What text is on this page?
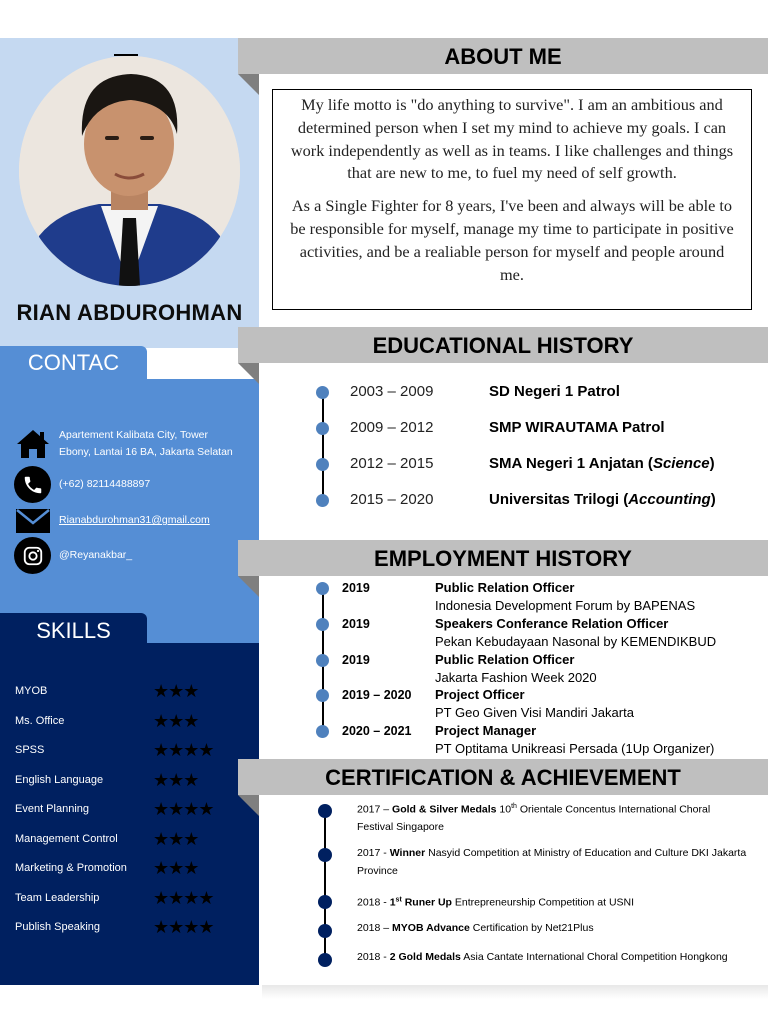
RIAN ABDUROHMAN
CONTAC
Apartement Kalibata City, Tower
Ebony, Lantai 16 BA, Jakarta Selatan
(+62) 82114488897
Rianabdurohman31@gmail.com
@Reyanakbar_
SKILLS
MYOB	★★★
Ms. Office	★★★
SPSS	★★★★
English Language	★★★
Event Planning	★★★★
Management Control ★★★
Marketing & Promotion ★★★
Team Leadership	★★★★
Publish Speaking	★★★★
ABOUT ME

My life motto is "do anything to survive". I am an ambitious and determined person when I set my mind to achieve my goals. I can work independently as well as in teams. I like challenges and things that are new to me, to fuel my need of self growth.

As a Single Fighter for 8 years, I've been and always will be able to be responsible for myself, manage my time to participate in positive activities, and be a realiable person for myself and people around me.

EDUCATIONAL HISTORY
2003 – 2009	SD Negeri 1 Patrol
2009 – 2012	SMP WIRAUTAMA Patrol
2012 – 2015	SMA Negeri 1 Anjatan (Science)
2015 – 2020	Universitas Trilogi (Accounting)
EMPLOYMENT HISTORY
2019	Public Relation Officer
Indonesia Development Forum by BAPENAS
2019	Speakers Conferance Relation Officer
Pekan Kebudayaan Nasonal by KEMENDIKBUD
2019	Public Relation Officer
Jakarta Fashion Week 2020
2019 – 2020 Project Officer
PT Geo Given Visi Mandiri Jakarta
2020 – 2021 Project Manager
PT Optitama Unikreasi Persada (1Up Organizer)
CERTIFICATION & ACHIEVEMENT
2017 – Gold & Silver Medals 10th Orientale Concentus International Choral Festival Singapore
2017 - Winner Nasyid Competition at Ministry of Education and Culture DKI Jakarta Province
2018 - 1st Runer Up Entrepreneurship Competition at USNI
2018 – MYOB Advance Certification by Net21Plus
2018 - 2 Gold Medals Asia Cantate International Choral Competition Hongkong
